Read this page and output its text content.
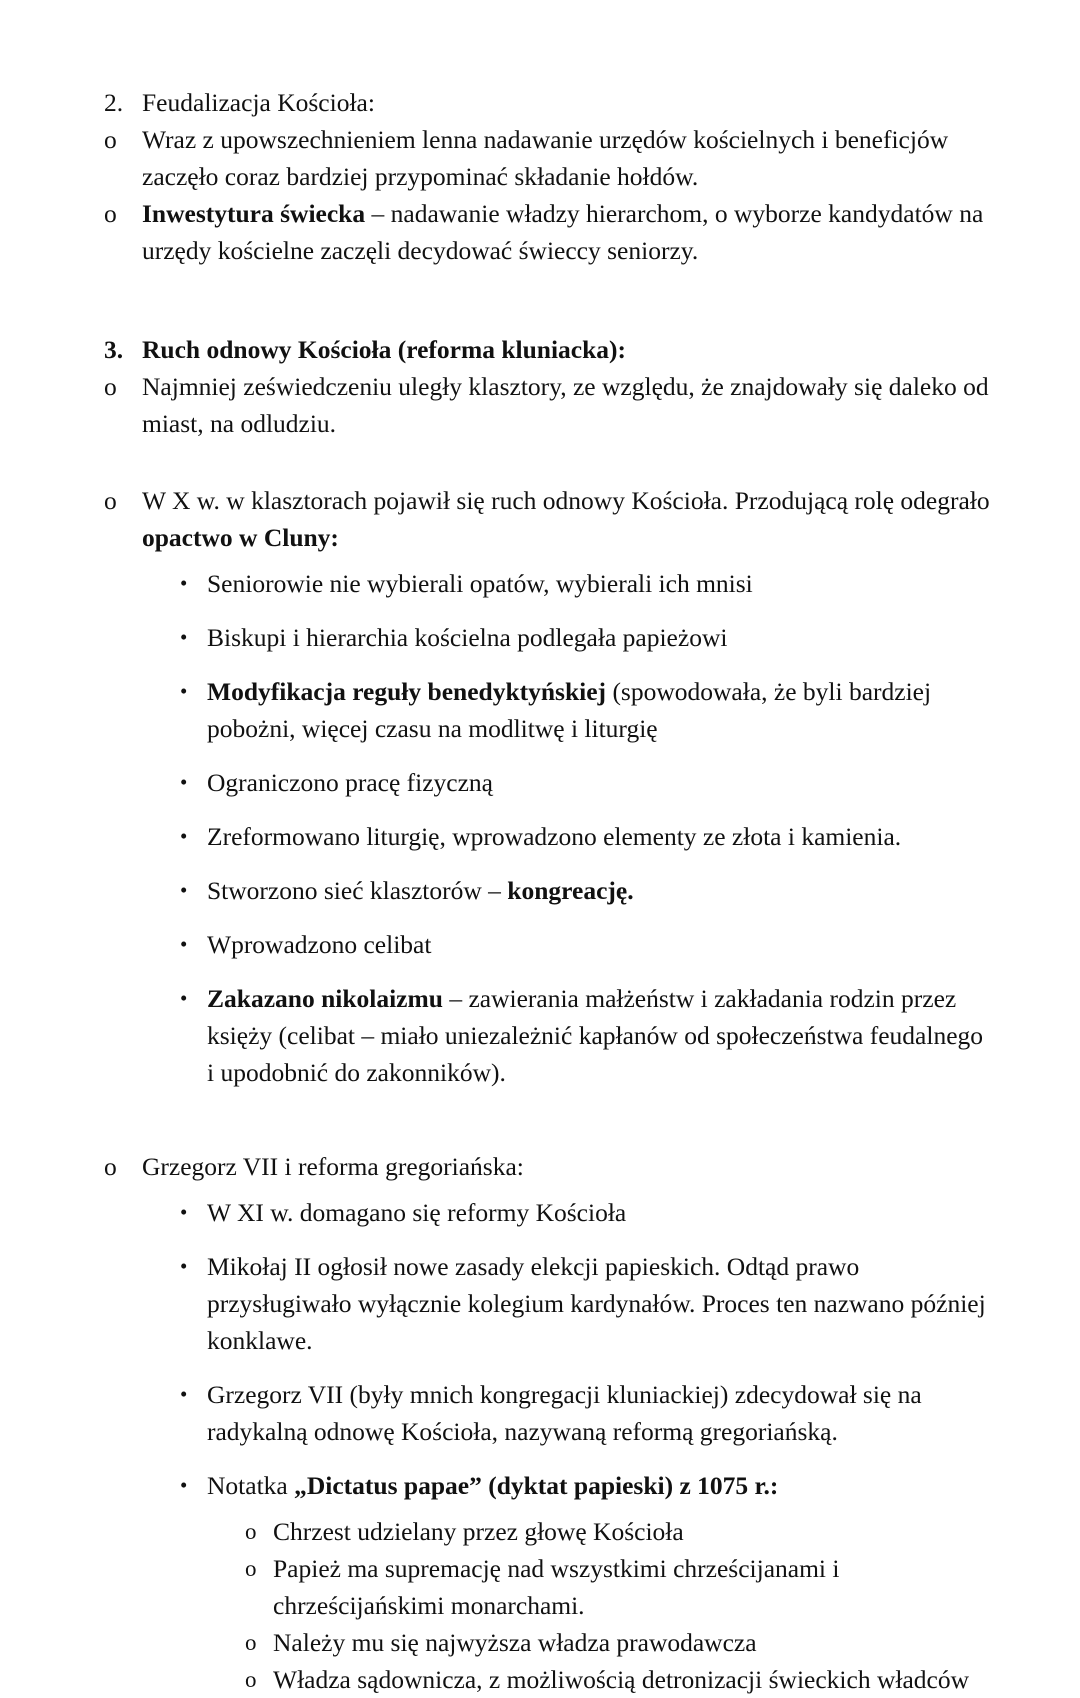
2. Feudalizacja Kościoła:
o Wraz z upowszechnieniem lenna nadawanie urzędów kościelnych i beneficjów zaczęło coraz bardziej przypominać składanie hołdów.
o Inwestytura świecka – nadawanie władzy hierarchom, o wyborze kandydatów na urzędy kościelne zaczęli decydować świeccy seniorzy.
3. Ruch odnowy Kościoła (reforma kluniacka):
o Najmniej zeświedczeniu uległy klasztory, ze względu, że znajdowały się daleko od miast, na odludziu.
o W X w. w klasztorach pojawił się ruch odnowy Kościoła. Przodującą rolę odegrało opactwo w Cluny:
• Seniorowie nie wybierali opatów, wybierali ich mnisi
• Biskupi i hierarchia kościelna podlegała papieżowi
• Modyfikacja reguły benedyktyńskiej (spowodowała, że byli bardziej pobożni, więcej czasu na modlitwę i liturgię
• Ograniczono pracę fizyczną
• Zreformowano liturgię, wprowadzono elementy ze złota i kamienia.
• Stworzono sieć klasztorów – kongreację.
• Wprowadzono celibat
• Zakazano nikolaizmu – zawierania małżeństw i zakładania rodzin przez księży (celibat – miało uniezależnić kapłanów od społeczeństwa feudalnego i upodobnić do zakonników).
o Grzegorz VII i reforma gregoriańska:
• W XI w. domagano się reformy Kościoła
• Mikołaj II ogłosił nowe zasady elekcji papieskich. Odtąd prawo przysługiwało wyłącznie kolegium kardynałów. Proces ten nazwano później konklawe.
• Grzegorz VII (były mnich kongregacji kluniackiej) zdecydował się na radykalną odnowę Kościoła, nazywaną reformą gregoriańską.
• Notatka „Dictatus papae” (dyktat papieski) z 1075 r.:
o Chrzest udzielany przez głowę Kościoła
o Papież ma supremację nad wszystkimi chrześcijanami i chrześcijańskimi monarchami.
o Należy mu się najwyższa władza prawodawcza
o Władza sądownicza, z możliwością detronizacji świeckich władców
